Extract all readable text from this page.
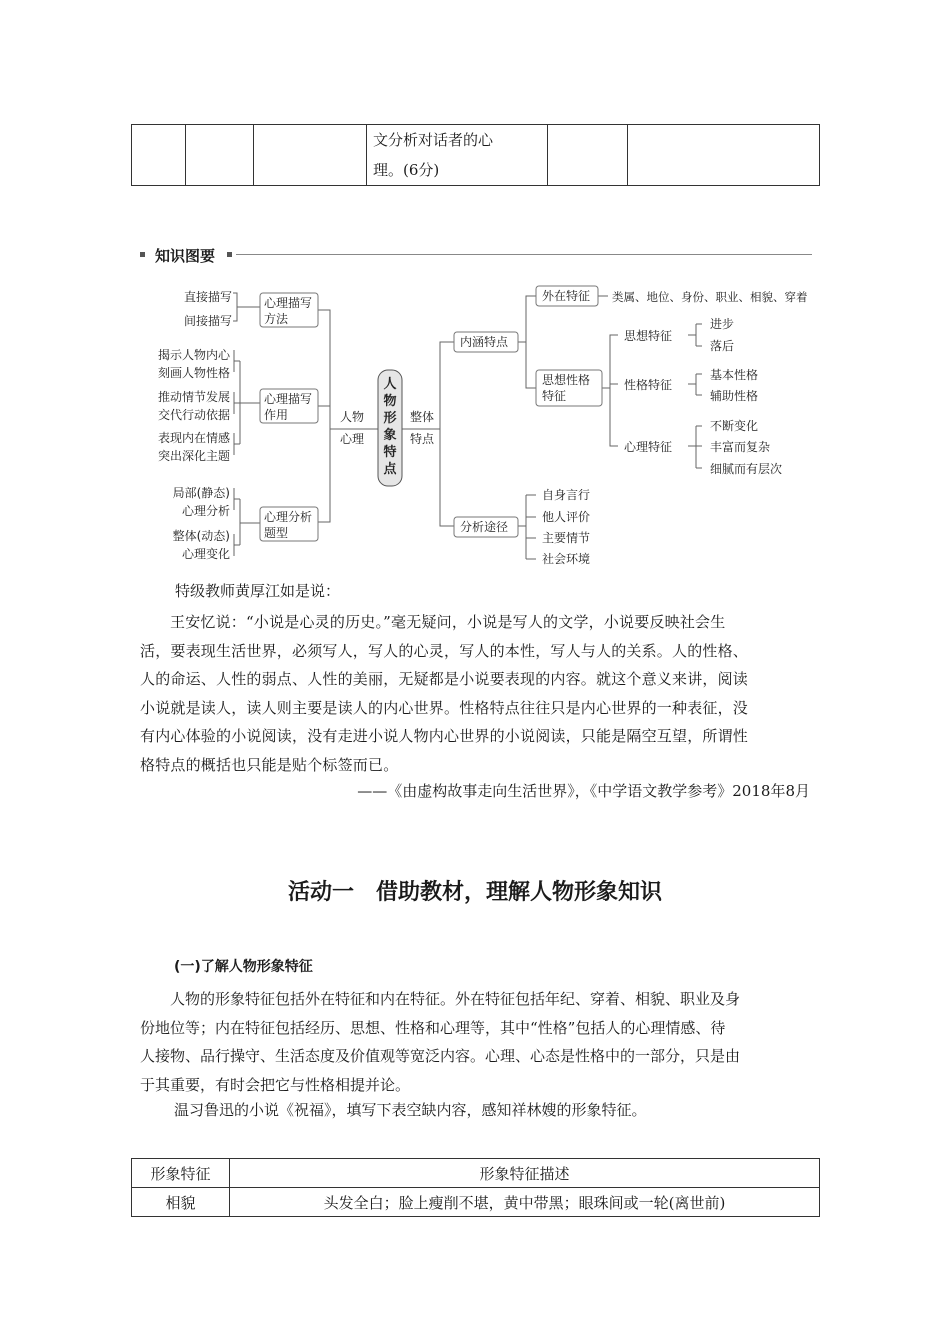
文分析对话者的心理。(6分)

知识图要
直接描写
间接描写
揭示人物内心
刻画人物性格
推动情节发展
交代行动依据
表现内在情感
突出深化主题
局部(静态)
心理分析
整体(动态)
心理变化
心理描写
方法
心理描写
作用
心理分析
题型
人物
心理
人物形象特点
整体
特点
内涵特点
外在特征 类属、地位、身份、职业、相貌、穿着
思想性格
特征
思想特征
进步
落后
性格特征
基本性格
辅助性格
心理特征
不断变化
丰富而复杂
细腻而有层次
分析途径
自身言行
他人评价
主要情节
社会环境
特级教师黄厚江如是说：
王安忆说：“小说是心灵的历史。”毫无疑问，小说是写人的文学，小说要反映社会生
活，要表现生活世界，必须写人，写人的心灵，写人的本性，写人与人的关系。人的性格、
人的命运、人性的弱点、人性的美丽，无疑都是小说要表现的内容。就这个意义来讲，阅读
小说就是读人，读人则主要是读人的内心世界。性格特点往往只是内心世界的一种表征，没
有内心体验的小说阅读，没有走进小说人物内心世界的小说阅读，只能是隔空互望，所谓性
格特点的概括也只能是贴个标签而已。
——《由虚构故事走向生活世界》，《中学语文教学参考》2018年8月
活动一　借助教材，理解人物形象知识
(一)了解人物形象特征
人物的形象特征包括外在特征和内在特征。外在特征包括年纪、穿着、相貌、职业及身
份地位等；内在特征包括经历、思想、性格和心理等，其中“性格”包括人的心理情感、待
人接物、品行操守、生活态度及价值观等宽泛内容。心理、心态是性格中的一部分，只是由
于其重要，有时会把它与性格相提并论。
温习鲁迅的小说《祝福》，填写下表空缺内容，感知祥林嫂的形象特征。
形象特征	形象特征描述
相貌	头发全白；脸上瘦削不堪，黄中带黑；眼珠间或一轮(离世前)
